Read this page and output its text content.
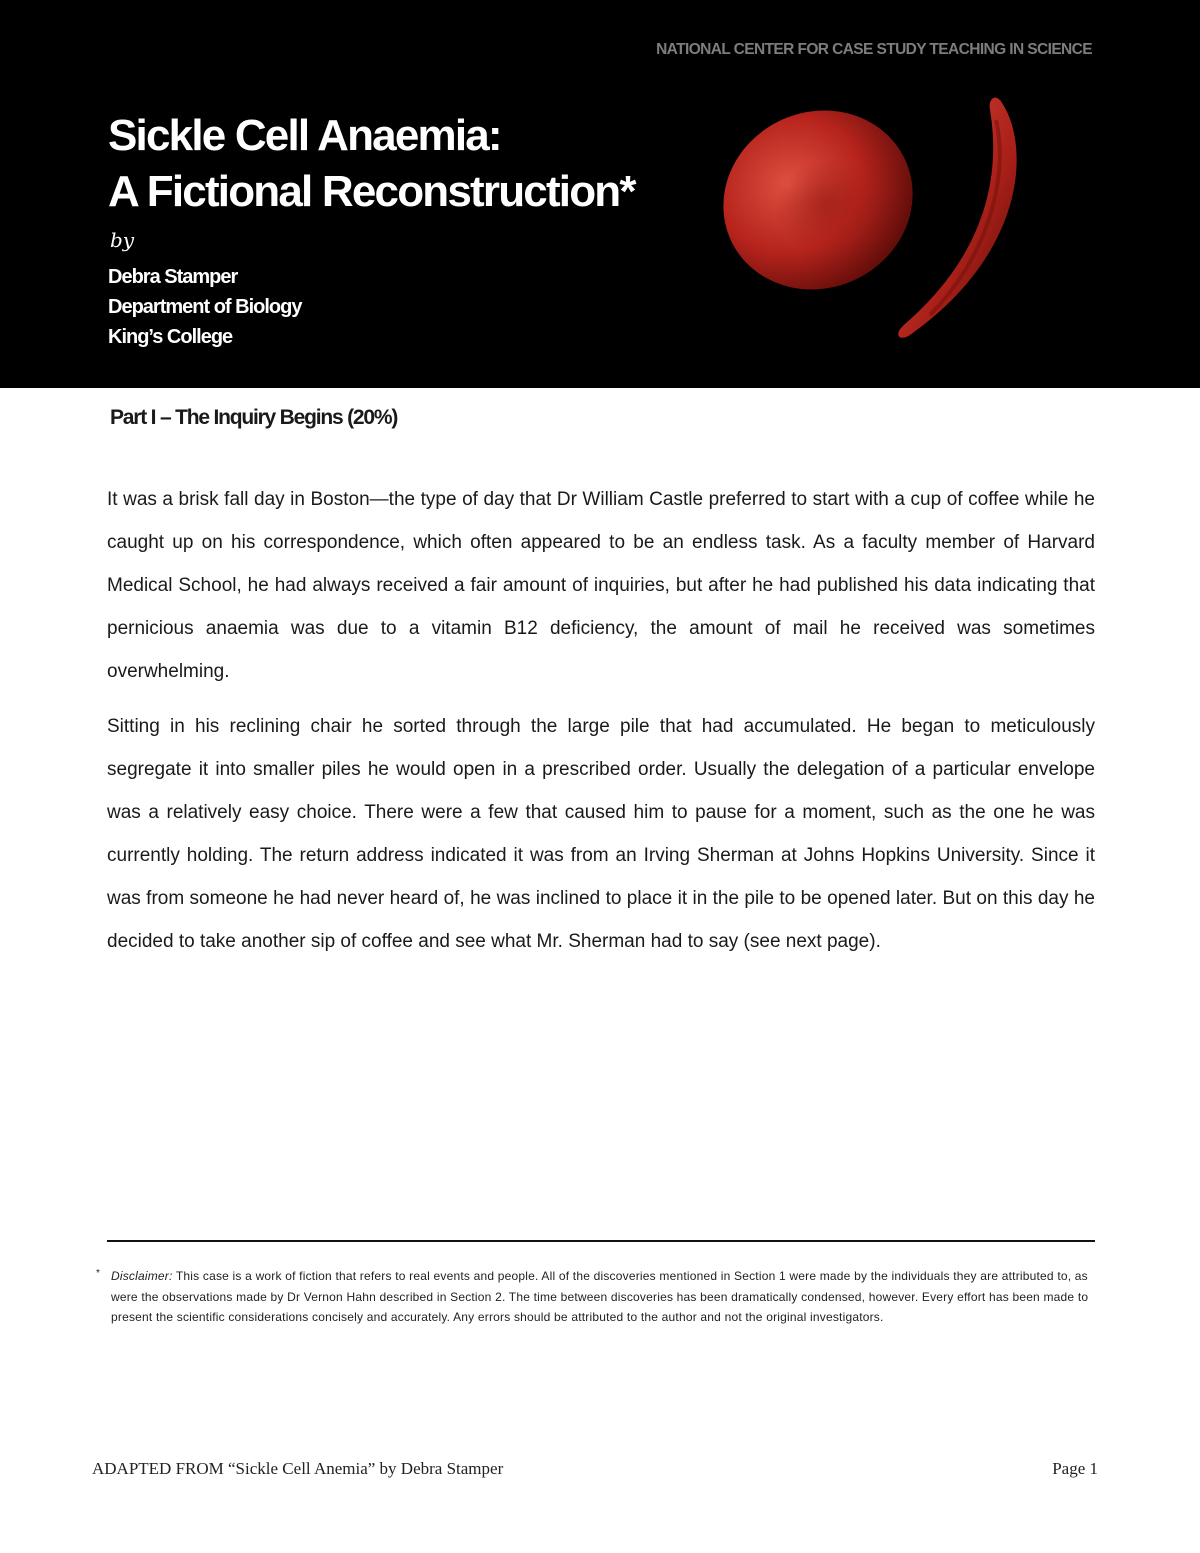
NATIONAL CENTER FOR CASE STUDY TEACHING IN SCIENCE
Sickle Cell Anaemia:
A Fictional Reconstruction*
by
Debra Stamper
Department of Biology
King’s College
Part I – The Inquiry Begins (20%)

It was a brisk fall day in Boston—the type of day that Dr William Castle preferred to start with a cup of coffee while he caught up on his correspondence, which often appeared to be an endless task. As a faculty member of Harvard Medical School, he had always received a fair amount of inquiries, but after he had published his data indicating that pernicious anaemia was due to a vitamin B12 deficiency, the amount of mail he received was sometimes overwhelming.

Sitting in his reclining chair he sorted through the large pile that had accumulated. He began to meticulously segregate it into smaller piles he would open in a prescribed order. Usually the delegation of a particular envelope was a relatively easy choice. There were a few that caused him to pause for a moment, such as the one he was currently holding. The return address indicated it was from an Irving Sherman at Johns Hopkins University. Since it was from someone he had never heard of, he was inclined to place it in the pile to be opened later. But on this day he decided to take another sip of coffee and see what Mr. Sherman had to say (see next page).

* Disclaimer: This case is a work of fiction that refers to real events and people. All of the discoveries mentioned in Section 1 were made by the individuals they are attributed to, as were the observations made by Dr Vernon Hahn described in Section 2. The time between discoveries has been dramatically condensed, however. Every effort has been made to present the scientific considerations concisely and accurately. Any errors should be attributed to the author and not the original investigators.
ADAPTED FROM “Sickle Cell Anemia” by Debra Stamper	Page 1
